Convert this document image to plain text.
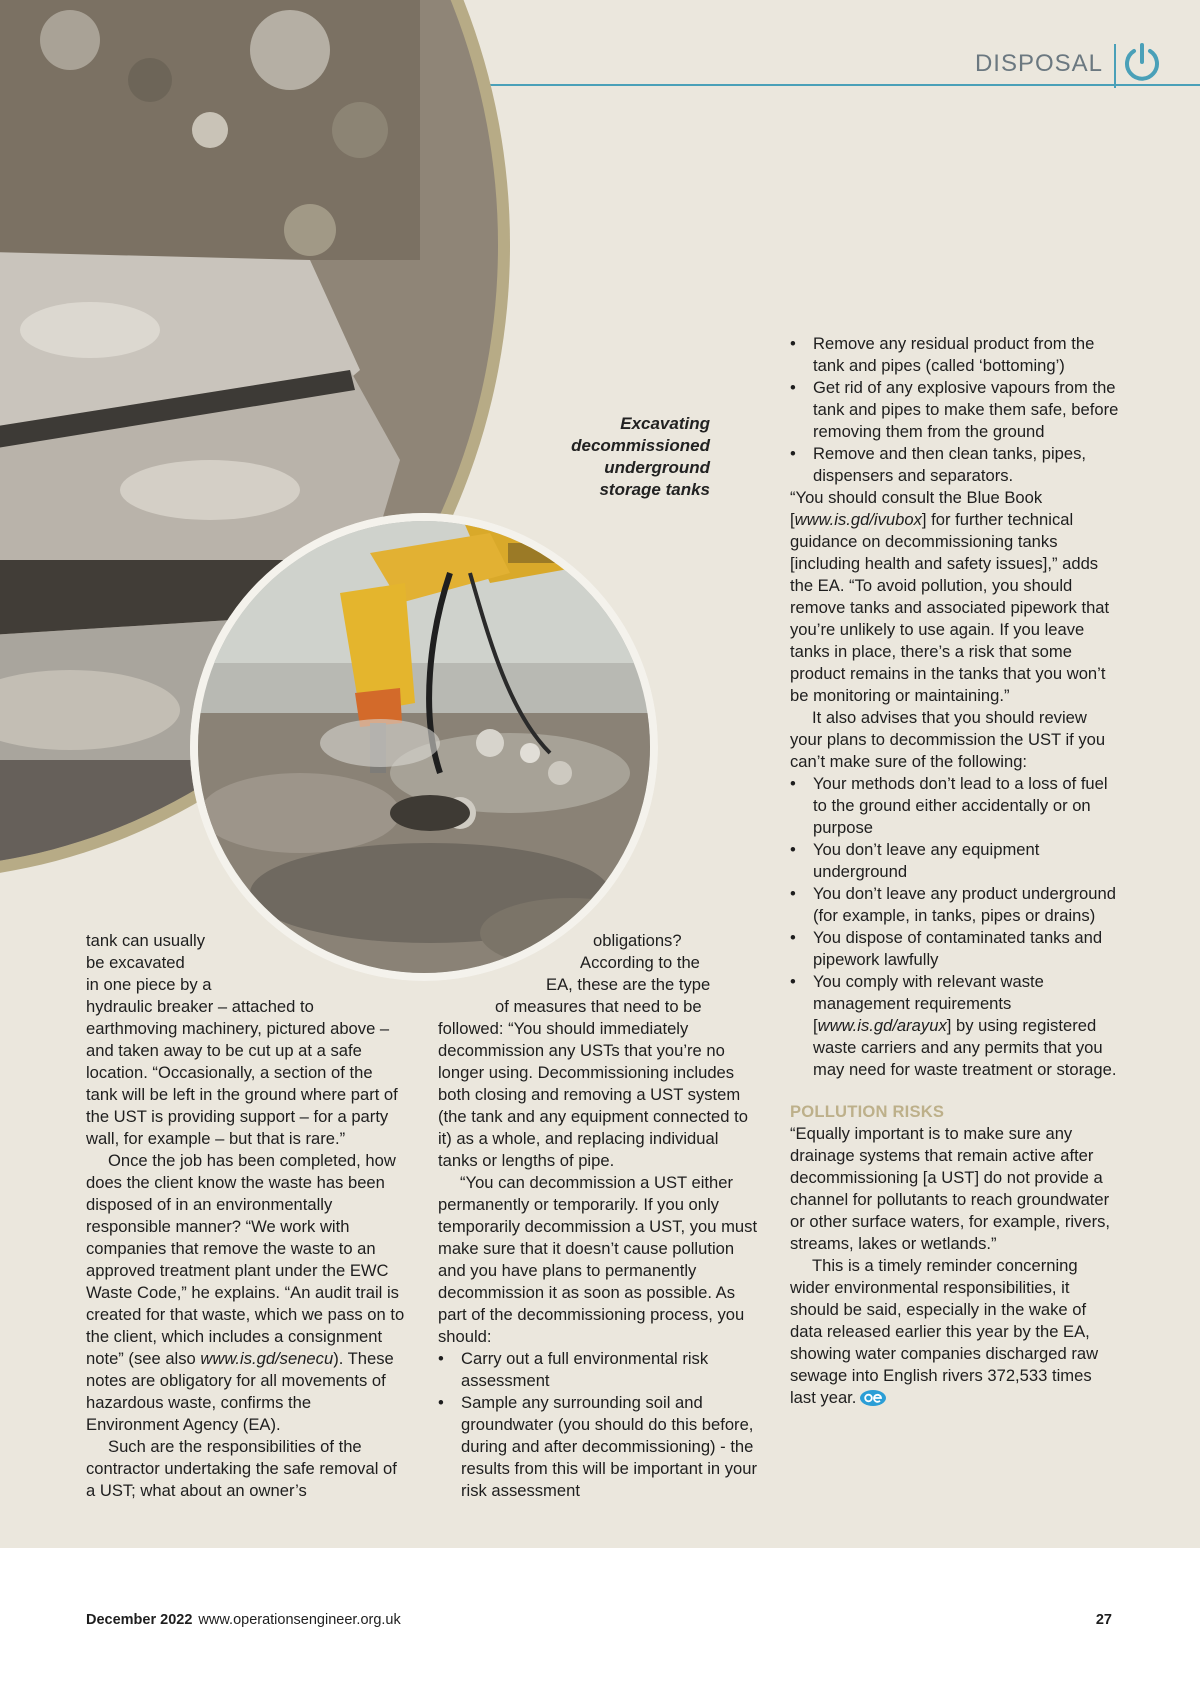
DISPOSAL
Excavating
decommissioned
underground
storage tanks
tank can usually
be excavated
in one piece by a

hydraulic breaker – attached to earthmoving machinery, pictured above – and taken away to be cut up at a safe location. “Occasionally, a section of the tank will be left in the ground where part of the UST is providing support – for a party wall, for example – but that is rare.”

Once the job has been completed, how does the client know the waste has been disposed of in an environmentally responsible manner? “We work with companies that remove the waste to an approved treatment plant under the EWC Waste Code,” he explains. “An audit trail is created for that waste, which we pass on to the client, which includes a consignment note” (see also www.is.gd/senecu). These notes are obligatory for all movements of hazardous waste, confirms the Environment Agency (EA).

Such are the responsibilities of the contractor undertaking the safe removal of a UST; what about an owner’s

obligations?
According to the
EA, these are the type
of measures that need to be

followed: “You should immediately decommission any USTs that you’re no longer using. Decommissioning includes both closing and removing a UST system (the tank and any equipment connected to it) as a whole, and replacing individual tanks or lengths of pipe.

“You can decommission a UST either permanently or temporarily. If you only temporarily decommission a UST, you must make sure that it doesn’t cause pollution and you have plans to permanently decommission it as soon as possible. As part of the decommissioning process, you should:

• Carry out a full environmental risk assessment
• Sample any surrounding soil and groundwater (you should do this before, during and after decommissioning) - the results from this will be important in your risk assessment
• Remove any residual product from the tank and pipes (called ‘bottoming’)
• Get rid of any explosive vapours from the tank and pipes to make them safe, before removing them from the ground
• Remove and then clean tanks, pipes, dispensers and separators.

“You should consult the Blue Book [www.is.gd/ivubox] for further technical guidance on decommissioning tanks [including health and safety issues],” adds the EA. “To avoid pollution, you should remove tanks and associated pipework that you’re unlikely to use again. If you leave tanks in place, there’s a risk that some product remains in the tanks that you won’t be monitoring or maintaining.”

It also advises that you should review your plans to decommission the UST if you can’t make sure of the following:

• Your methods don’t lead to a loss of fuel to the ground either accidentally or on purpose
• You don’t leave any equipment underground
• You don’t leave any product underground (for example, in tanks, pipes or drains)
• You dispose of contaminated tanks and pipework lawfully
• You comply with relevant waste management requirements [www.is.gd/arayux] by using registered waste carriers and any permits that you may need for waste treatment or storage.

POLLUTION RISKS

“Equally important is to make sure any drainage systems that remain active after decommissioning [a UST] do not provide a channel for pollutants to reach groundwater or other surface waters, for example, rivers, streams, lakes or wetlands.”

This is a timely reminder concerning wider environmental responsibilities, it should be said, especially in the wake of data released earlier this year by the EA, showing water companies discharged raw sewage into English rivers 372,533 times last year.

December 2022 www.operationsengineer.org.uk	27
